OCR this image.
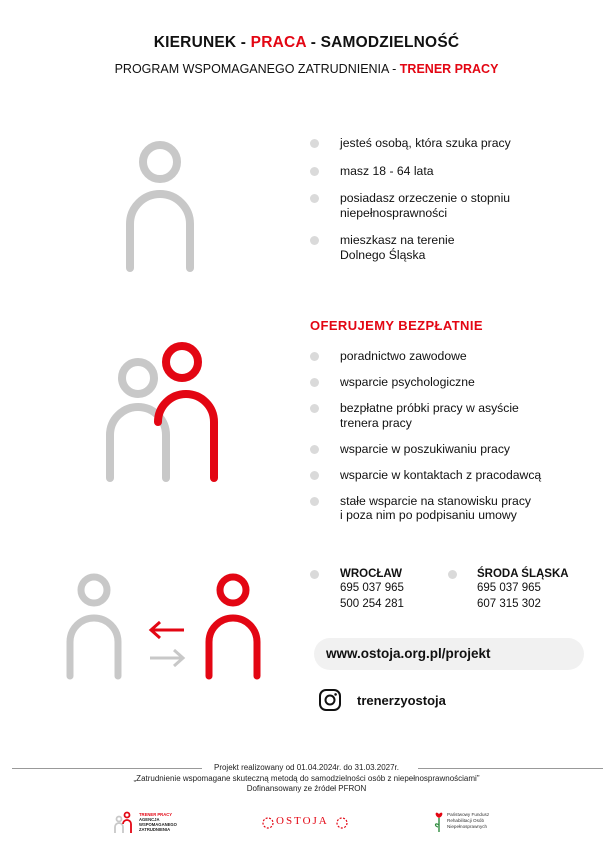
KIERUNEK - PRACA - SAMODZIELNOŚĆ
PROGRAM WSPOMAGANEGO ZATRUDNIENIA - TRENER PRACY
jesteś osobą, która szuka pracy
masz 18 - 64 lata
posiadasz orzeczenie o stopniu
niepełnosprawności
mieszkasz na terenie
Dolnego Śląska
OFERUJEMY BEZPŁATNIE
poradnictwo zawodowe
wsparcie psychologiczne
bezpłatne próbki pracy w asyście
trenera pracy
wsparcie w poszukiwaniu pracy
wsparcie w kontaktach z pracodawcą
stałe wsparcie na stanowisku pracy
i poza nim po podpisaniu umowy
WROCŁAW
695 037 965
500 254 281
ŚRODA ŚLĄSKA
695 037 965
607 315 302
www.ostoja.org.pl/projekt
trenerzyostoja
Projekt realizowany od 01.04.2024r. do 31.03.2027r.
„Zatrudnienie wspomagane skuteczną metodą do samodzielności osób z niepełnosprawnościami”
Dofinansowany ze źródeł PFRON
TRENER PRACY
AGENCJA
WSPOMAGANEGO
ZATRUDNIENIA
OSTOJA
Państwowy Fundusz
Rehabilitacji Osób
Niepełnosprawnych
